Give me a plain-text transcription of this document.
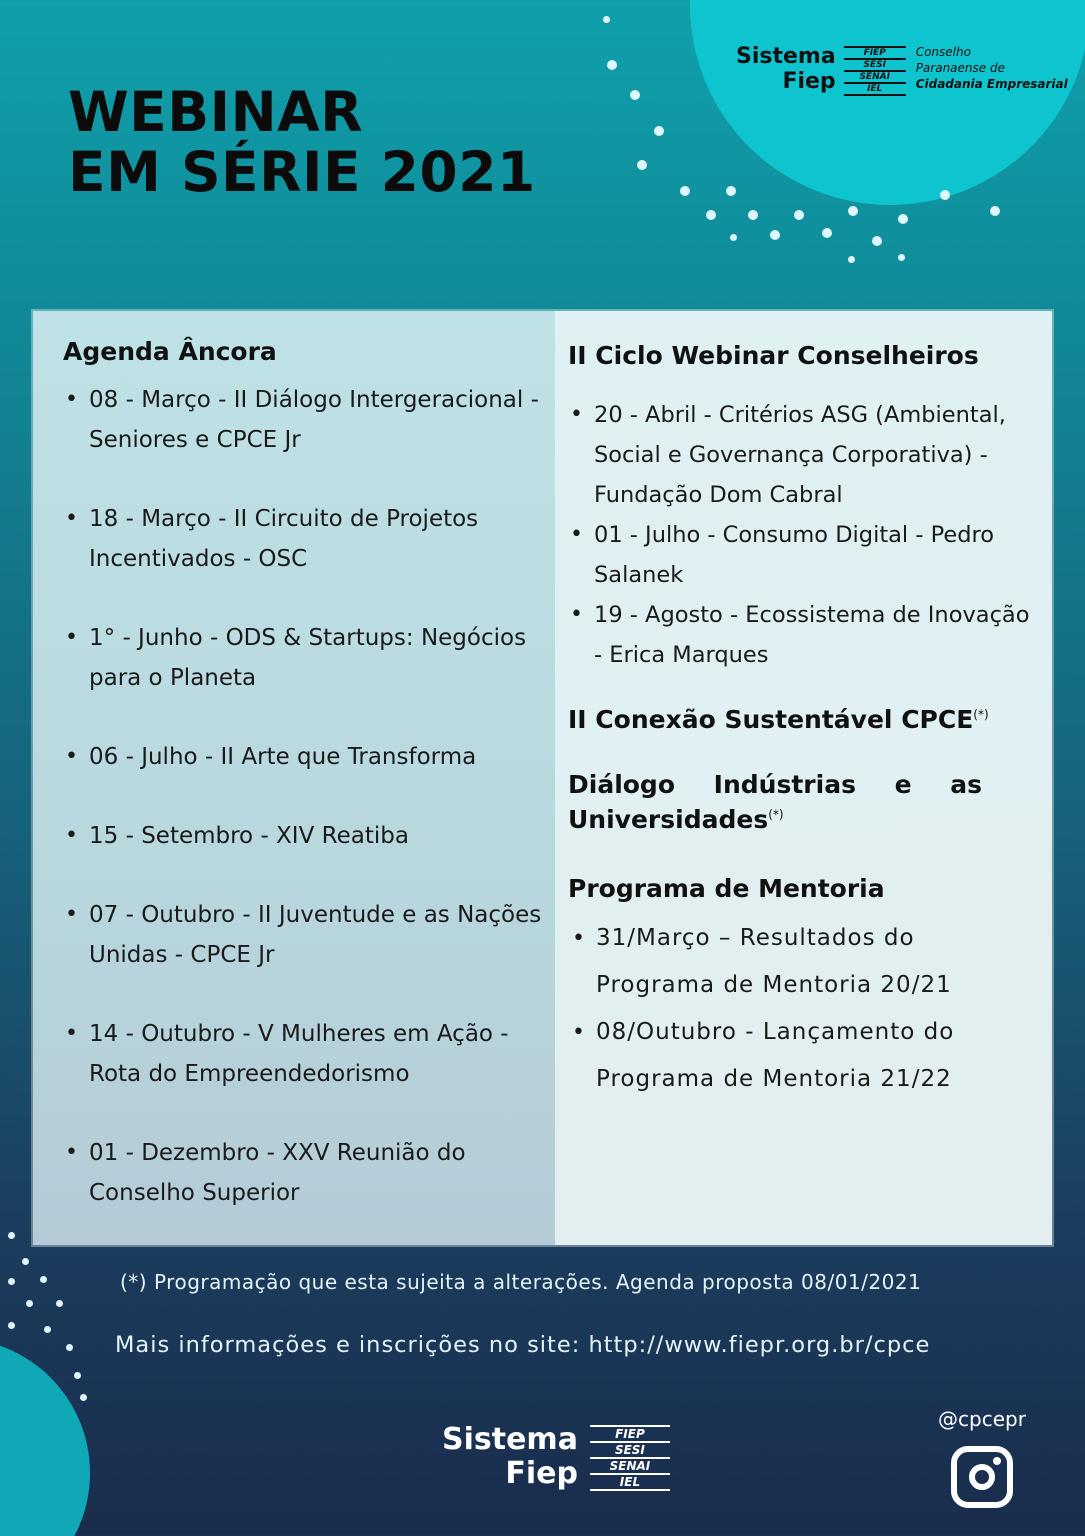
WEBINAR
EM SÉRIE 2021
Sistema
Fiep
FIEP
SESI
SENAI
IEL
Conselho
Paranaense de
Cidadania Empresarial
Agenda Âncora
• 08 - Março - II Diálogo Intergeracional - Seniores e CPCE Jr
• 18 - Março - II Circuito de Projetos Incentivados - OSC
• 1° - Junho - ODS & Startups: Negócios para o Planeta
• 06 - Julho - II Arte que Transforma
• 15 - Setembro - XIV Reatiba
• 07 - Outubro - II Juventude e as Nações Unidas - CPCE Jr
• 14 - Outubro - V Mulheres em Ação - Rota do Empreendedorismo
• 01 - Dezembro - XXV Reunião do Conselho Superior
II Ciclo Webinar Conselheiros
• 20 - Abril - Critérios ASG (Ambiental, Social e Governança Corporativa) - Fundação Dom Cabral
• 01 - Julho - Consumo Digital - Pedro Salanek
• 19 - Agosto - Ecossistema de Inovação - Erica Marques
II Conexão Sustentável CPCE(*)
Diálogo Indústrias e as
Universidades(*)
Programa de Mentoria
• 31/Março – Resultados do Programa de Mentoria 20/21
• 08/Outubro - Lançamento do Programa de Mentoria 21/22
(*) Programação que esta sujeita a alterações. Agenda proposta 08/01/2021
Mais informações e inscrições no site: http://www.fiepr.org.br/cpce
Sistema
Fiep
FIEP
SESI
SENAI
IEL
@cpcepr
